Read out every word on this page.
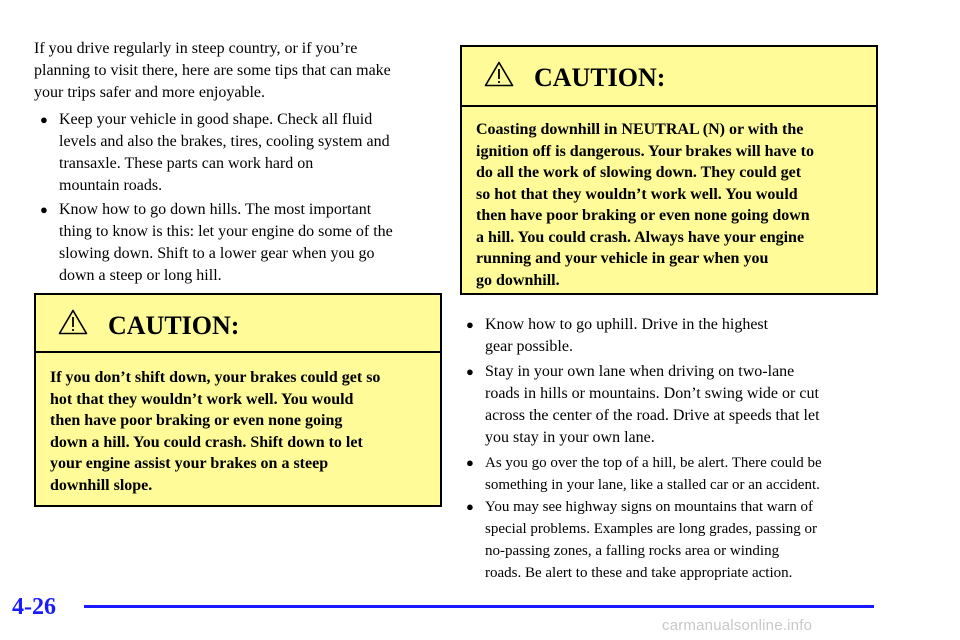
If you drive regularly in steep country, or if you’re
planning to visit there, here are some tips that can make
your trips safer and more enjoyable.

● Keep your vehicle in good shape. Check all fluid
levels and also the brakes, tires, cooling system and
transaxle. These parts can work hard on
mountain roads.
● Know how to go down hills. The most important
thing to know is this: let your engine do some of the
slowing down. Shift to a lower gear when you go
down a steep or long hill.
CAUTION:
If you don’t shift down, your brakes could get so
hot that they wouldn’t work well. You would
then have poor braking or even none going
down a hill. You could crash. Shift down to let
your engine assist your brakes on a steep
downhill slope.
CAUTION:
Coasting downhill in NEUTRAL (N) or with the
ignition off is dangerous. Your brakes will have to
do all the work of slowing down. They could get
so hot that they wouldn’t work well. You would
then have poor braking or even none going down
a hill. You could crash. Always have your engine
running and your vehicle in gear when you
go downhill.
● Know how to go uphill. Drive in the highest
gear possible.
● Stay in your own lane when driving on two‐lane
roads in hills or mountains. Don’t swing wide or cut
across the center of the road. Drive at speeds that let
you stay in your own lane.
● As you go over the top of a hill, be alert. There could be
something in your lane, like a stalled car or an accident.
● You may see highway signs on mountains that warn of
special problems. Examples are long grades, passing or
no‐passing zones, a falling rocks area or winding
roads. Be alert to these and take appropriate action.
4-26
carmanualsonline.info
